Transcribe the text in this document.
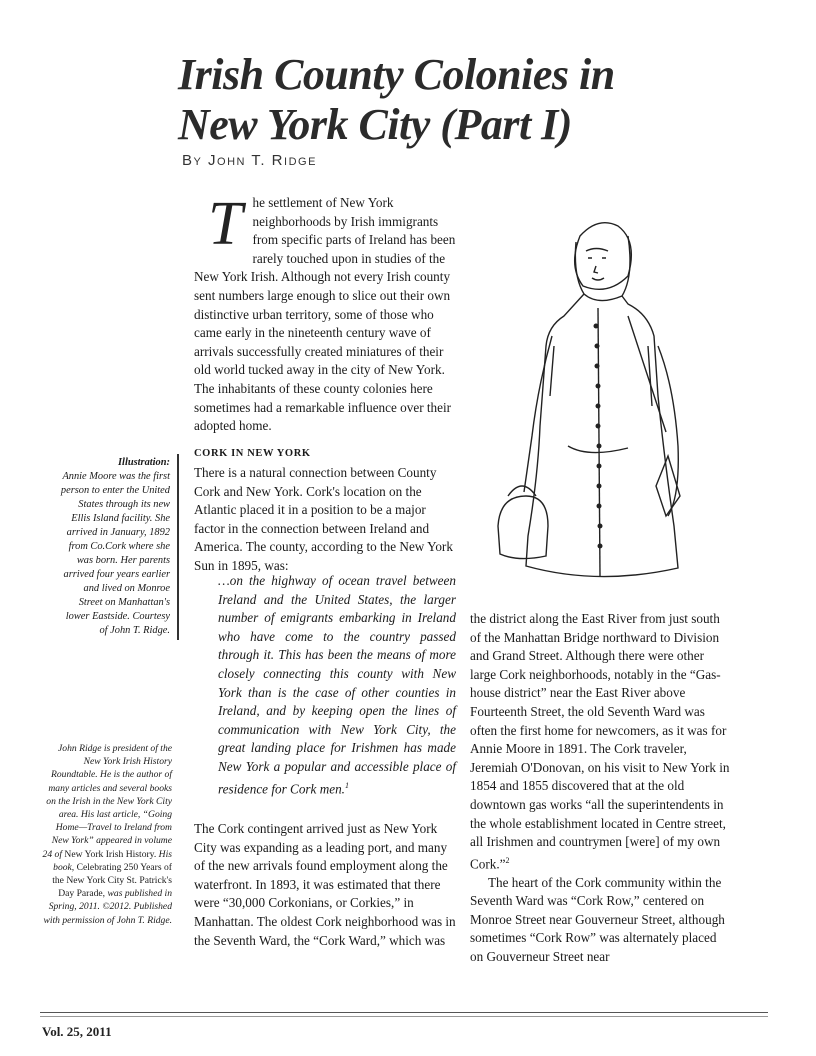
Irish County Colonies in
New York City (Part I)
By John T. Ridge
T he settlement of New York neighborhoods by Irish immigrants from specific parts of Ireland has been rarely touched upon in studies of the New York Irish. Although not every Irish county sent numbers large enough to slice out their own distinctive urban territory, some of those who came early in the nineteenth century wave of arrivals successfully created miniatures of their old world tucked away in the city of New York. The inhabitants of these county colonies here sometimes had a remarkable influence over their adopted home.
CORK IN NEW YORK

There is a natural connection between County Cork and New York. Cork's location on the Atlantic placed it in a position to be a major factor in the connection between Ireland and America. The county, according to the New York Sun in 1895, was:

…on the highway of ocean travel between Ireland and the United States, the larger number of emigrants embarking in Ireland who have come to the country passed through it. This has been the means of more closely connecting this county with New York than is the case of other counties in Ireland, and by keeping open the lines of communication with New York City, the great landing place for Irishmen has made New York a popular and accessible place of residence for Cork men.$^1$

The Cork contingent arrived just as New York City was expanding as a leading port, and many of the new arrivals found employment along the waterfront. In 1893, it was estimated that there were “30,000 Corkonians, or Corkies,” in Manhattan. The oldest Cork neighborhood was in the Seventh Ward, the “Cork Ward,” which was

the district along the East River from just south of the Manhattan Bridge northward to Division and Grand Street. Although there were other large Cork neighborhoods, notably in the “Gas-house district” near the East River above Fourteenth Street, the old Seventh Ward was often the first home for newcomers, as it was for Annie Moore in 1891. The Cork traveler, Jeremiah O'Donovan, on his visit to New York in 1854 and 1855 discovered that at the old downtown gas works “all the superintendents in the whole establishment located in Centre street, all Irishmen and countrymen [were] of my own Cork.”$^2$

The heart of the Cork community within the Seventh Ward was “Cork Row,” centered on Monroe Street near Gouverneur Street, although sometimes “Cork Row” was alternately placed on Gouverneur Street near

Illustration:
Annie Moore was the first person to enter the United States through its new Ellis Island facility. She arrived in January, 1892 from Co.Cork where she was born. Her parents arrived four years earlier and lived on Monroe Street on Manhattan's lower Eastside. Courtesy of John T. Ridge.
John Ridge is president of the New York Irish History Roundtable. He is the author of many articles and several books on the Irish in the New York City area. His last article, “Going Home—Travel to Ireland from New York” appeared in volume 24 of New York Irish History. His book, Celebrating 250 Years of the New York City St. Patrick's Day Parade, was published in Spring, 2011. ©2012. Published with permission of John T. Ridge.
Vol. 25, 2011
